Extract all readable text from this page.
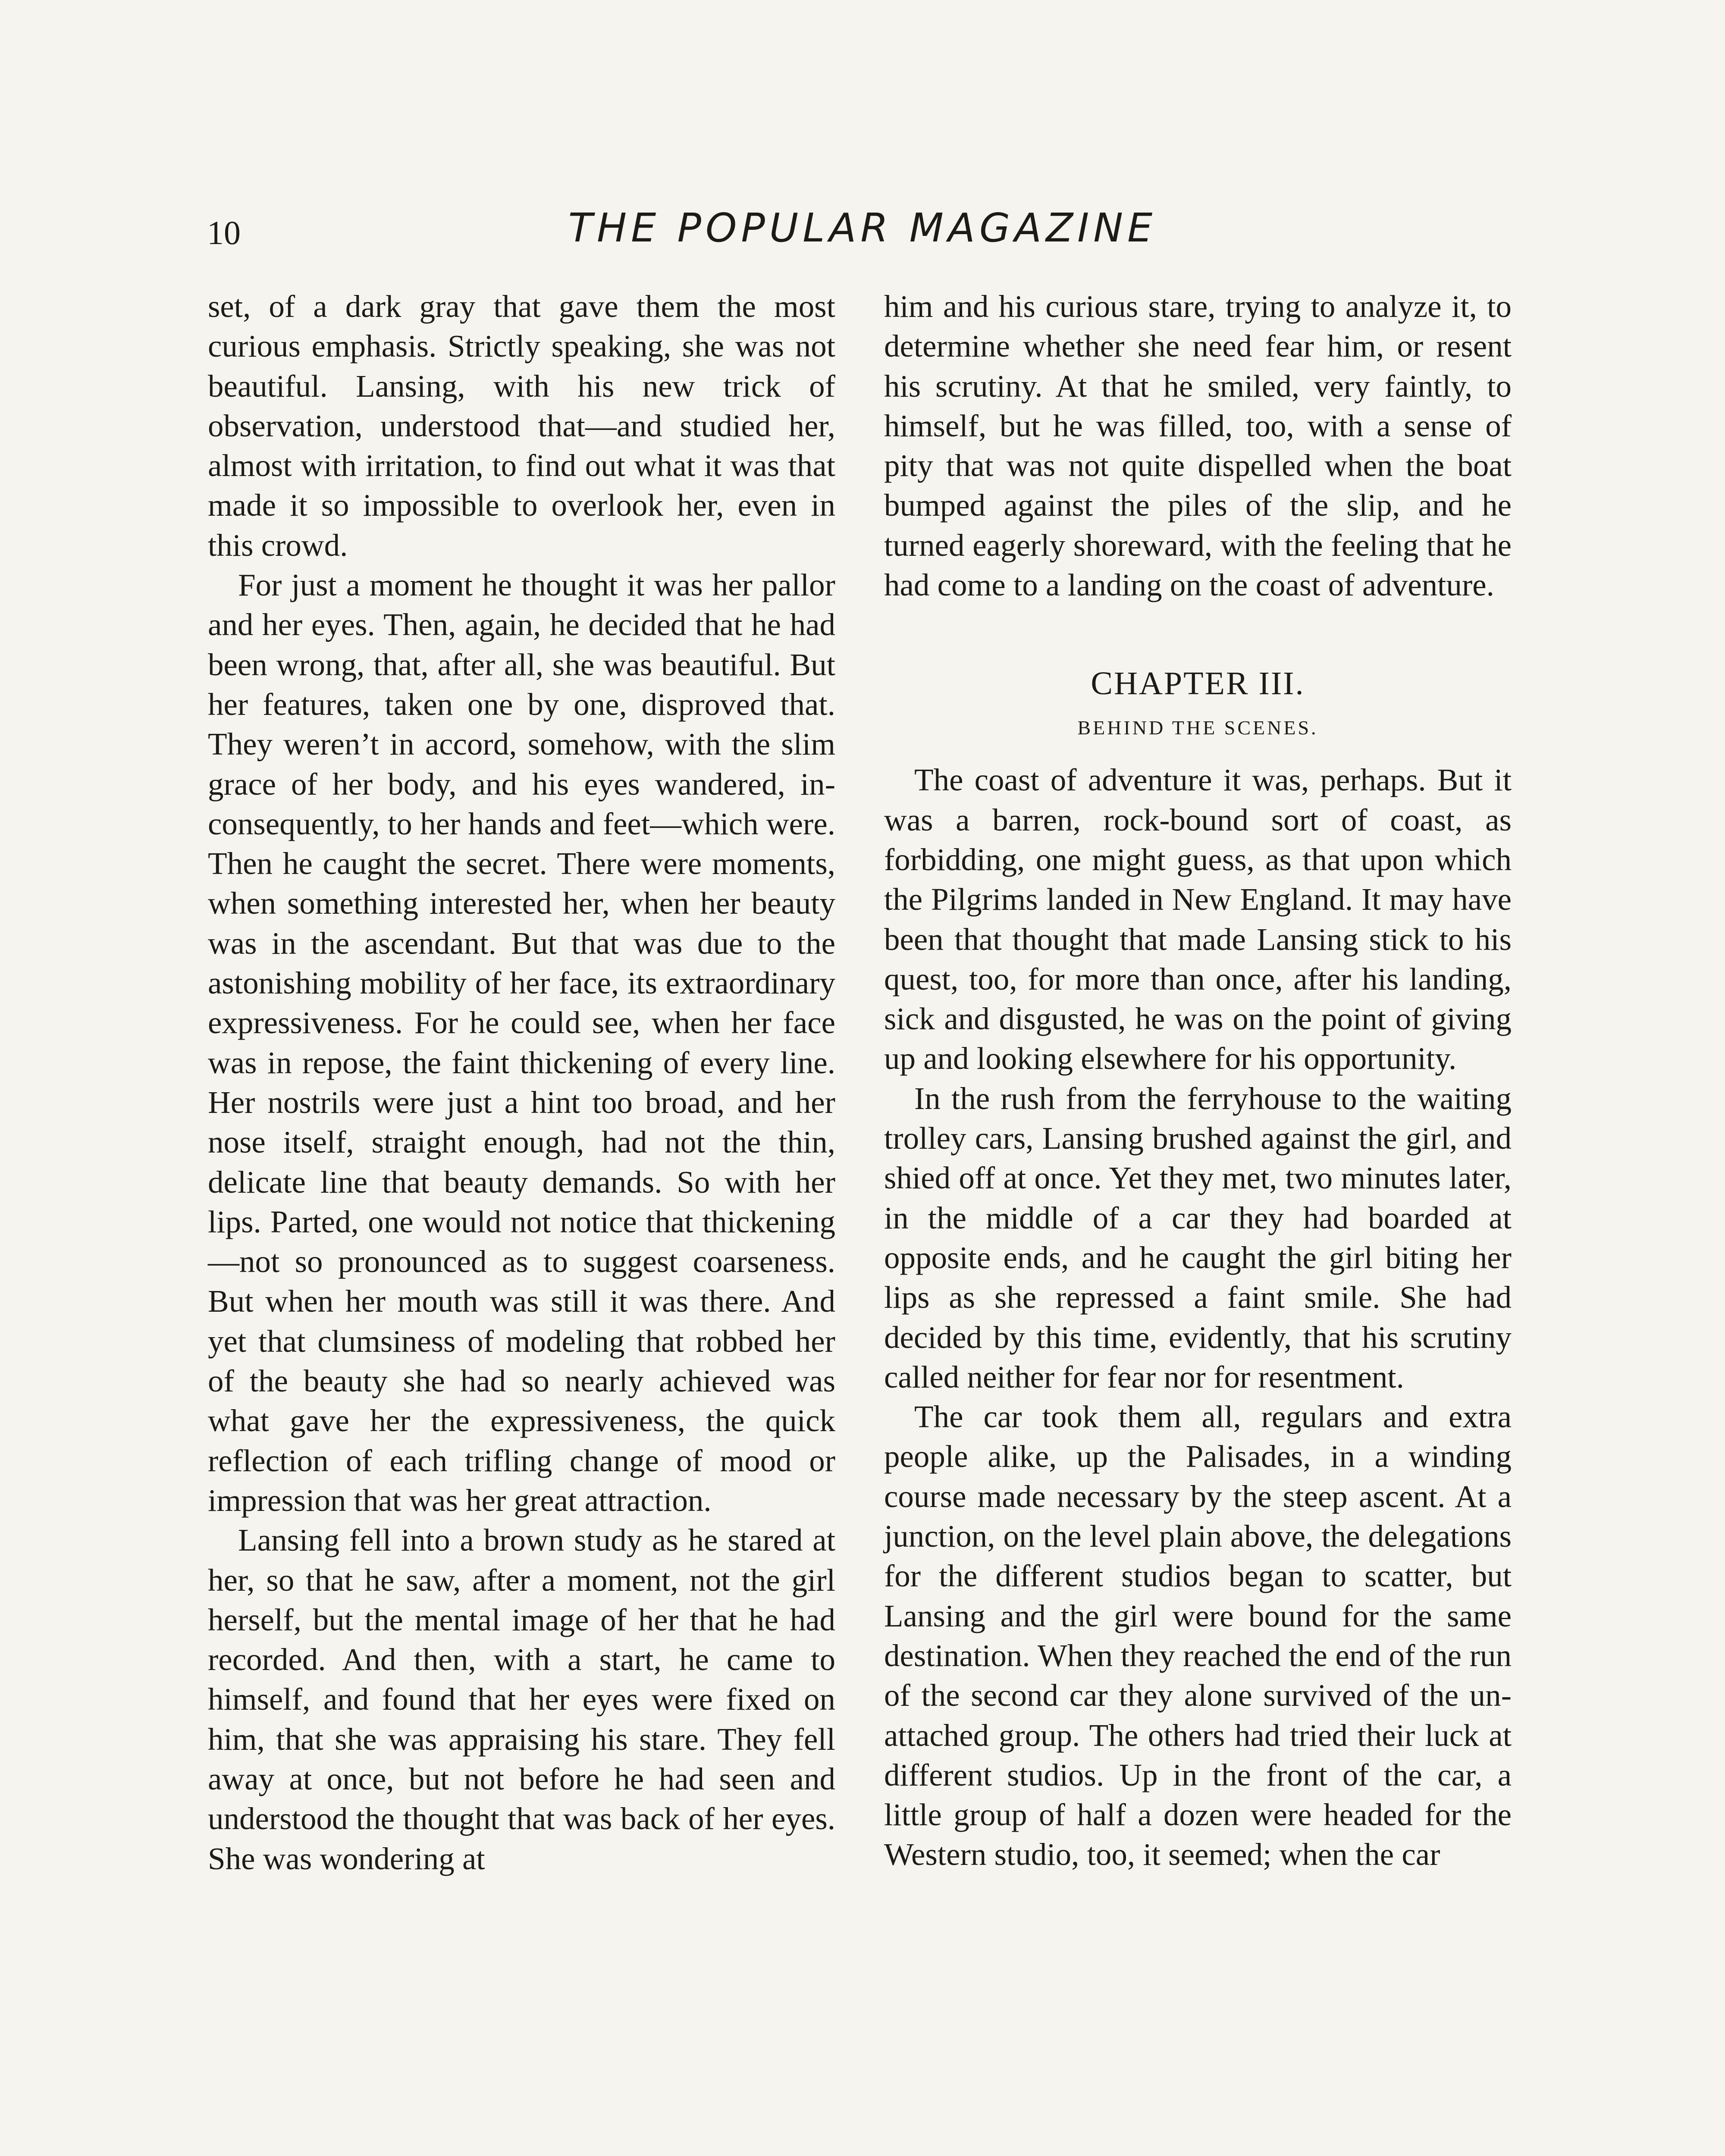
10	THE POPULAR MAGAZINE

set, of a dark gray that gave them the most curious emphasis. Strictly speaking, she was not beautiful. Lansing, with his new trick of observation, understood that—and studied her, almost with irritation, to find out what it was that made it so impossible to overlook her, even in this crowd.

For just a moment he thought it was her pallor and her eyes. Then, again, he decided that he had been wrong, that, after all, she was beautiful. But her features, taken one by one, disproved that. They weren’t in accord, somehow, with the slim grace of her body, and his eyes wandered, inconsequently, to her hands and feet—which were. Then he caught the secret. There were moments, when something interested her, when her beauty was in the ascendant. But that was due to the astonishing mobility of her face, its extraordinary expressiveness. For he could see, when her face was in repose, the faint thickening of every line. Her nostrils were just a hint too broad, and her nose itself, straight enough, had not the thin, delicate line that beauty demands. So with her lips. Parted, one would not notice that thickening—not so pronounced as to suggest coarseness. But when her mouth was still it was there. And yet that clumsiness of modeling that robbed her of the beauty she had so nearly achieved was what gave her the expressiveness, the quick reflection of each trifling change of mood or impression that was her great attraction.

Lansing fell into a brown study as he stared at her, so that he saw, after a moment, not the girl herself, but the mental image of her that he had recorded. And then, with a start, he came to himself, and found that her eyes were fixed on him, that she was appraising his stare. They fell away at once, but not before he had seen and understood the thought that was back of her eyes. She was wondering at

him and his curious stare, trying to analyze it, to determine whether she need fear him, or resent his scrutiny. At that he smiled, very faintly, to himself, but he was filled, too, with a sense of pity that was not quite dispelled when the boat bumped against the piles of the slip, and he turned eagerly shoreward, with the feeling that he had come to a landing on the coast of adventure.

CHAPTER III.
BEHIND THE SCENES.

The coast of adventure it was, perhaps. But it was a barren, rock-bound sort of coast, as forbidding, one might guess, as that upon which the Pilgrims landed in New England. It may have been that thought that made Lansing stick to his quest, too, for more than once, after his landing, sick and disgusted, he was on the point of giving up and looking elsewhere for his opportunity.

In the rush from the ferryhouse to the waiting trolley cars, Lansing brushed against the girl, and shied off at once. Yet they met, two minutes later, in the middle of a car they had boarded at opposite ends, and he caught the girl biting her lips as she repressed a faint smile. She had decided by this time, evidently, that his scrutiny called neither for fear nor for resentment.

The car took them all, regulars and extra people alike, up the Palisades, in a winding course made necessary by the steep ascent. At a junction, on the level plain above, the delegations for the different studios began to scatter, but Lansing and the girl were bound for the same destination. When they reached the end of the run of the second car they alone survived of the unattached group. The others had tried their luck at different studios. Up in the front of the car, a little group of half a dozen were headed for the Western studio, too, it seemed; when the car
